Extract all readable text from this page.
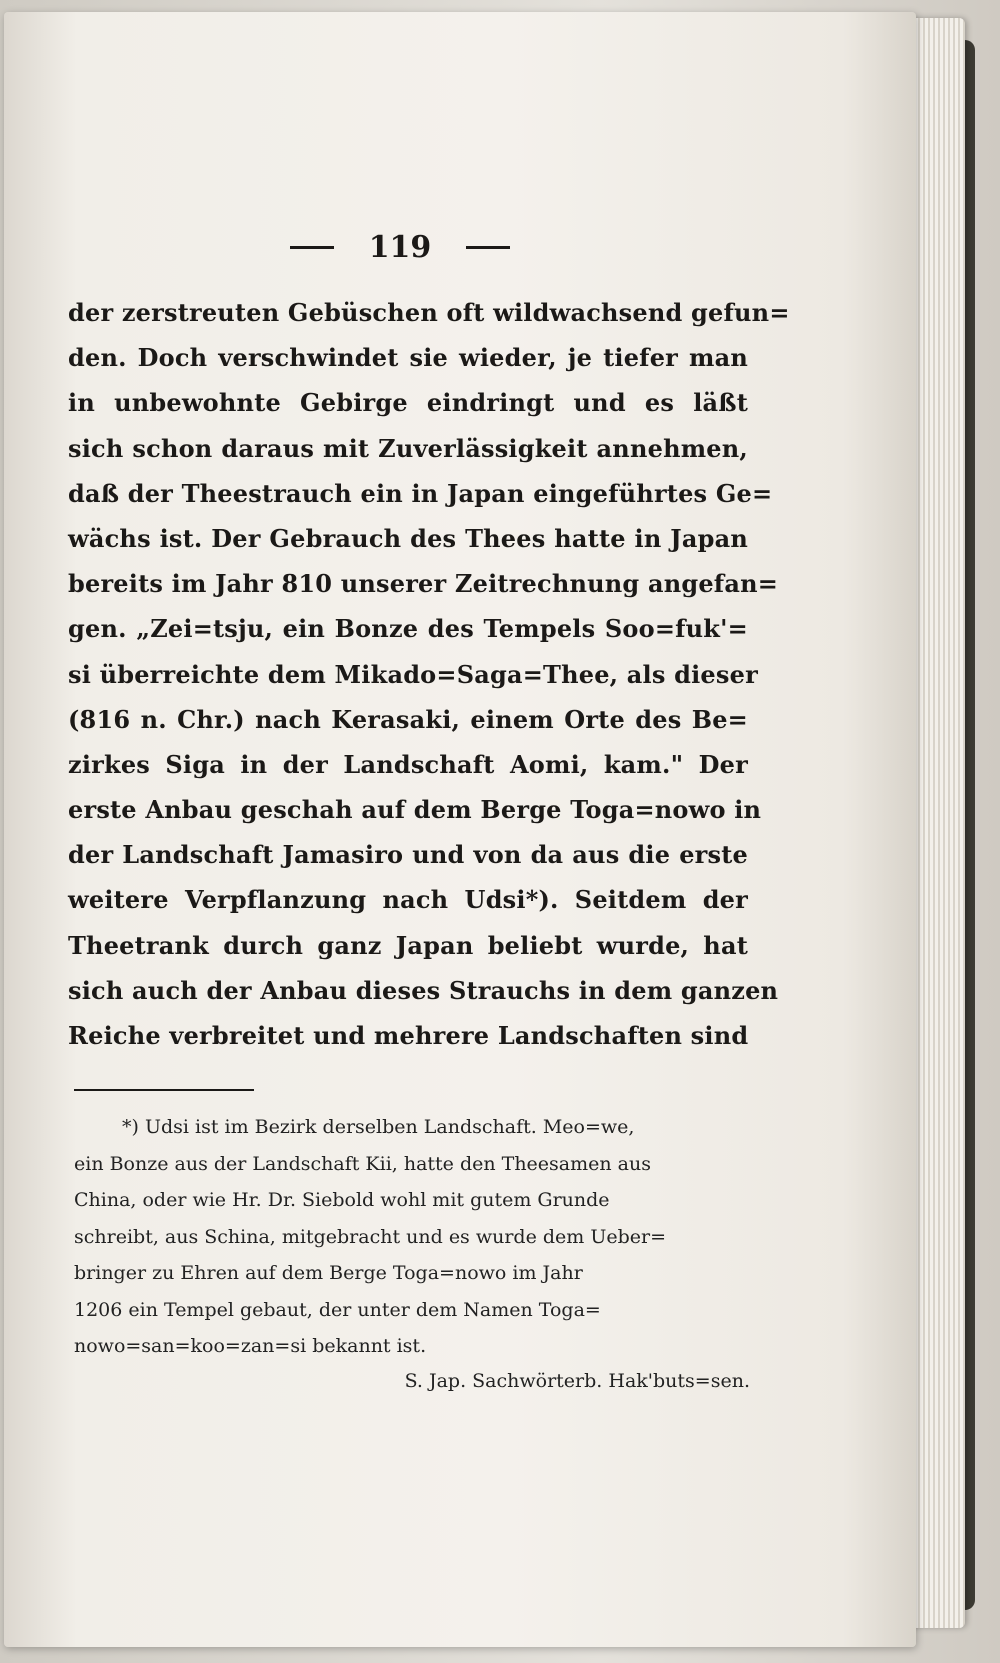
119
der zerstreuten Gebüschen oft wildwachsend gefun=
den. Doch verschwindet sie wieder, je tiefer man
in unbewohnte Gebirge eindringt und es läßt
sich schon daraus mit Zuverlässigkeit annehmen,
daß der Theestrauch ein in Japan eingeführtes Ge=
wächs ist. Der Gebrauch des Thees hatte in Japan
bereits im Jahr 810 unserer Zeitrechnung angefan=
gen. „Zei=tsju, ein Bonze des Tempels Soo=fuk'=
si überreichte dem Mikado=Saga=Thee, als dieser
(816 n. Chr.) nach Kerasaki, einem Orte des Be=
zirkes Siga in der Landschaft Aomi, kam." Der
erste Anbau geschah auf dem Berge Toga=nowo in
der Landschaft Jamasiro und von da aus die erste
weitere Verpflanzung nach Udsi*). Seitdem der
Theetrank durch ganz Japan beliebt wurde, hat
sich auch der Anbau dieses Strauchs in dem ganzen
Reiche verbreitet und mehrere Landschaften sind
*) Udsi ist im Bezirk derselben Landschaft. Meo=we,
ein Bonze aus der Landschaft Kii, hatte den Theesamen aus
China, oder wie Hr. Dr. Siebold wohl mit gutem Grunde
schreibt, aus Schina, mitgebracht und es wurde dem Ueber=
bringer zu Ehren auf dem Berge Toga=nowo im Jahr
1206 ein Tempel gebaut, der unter dem Namen Toga=
nowo=san=koo=zan=si bekannt ist.
S. Jap. Sachwörterb. Hak'buts=sen.
